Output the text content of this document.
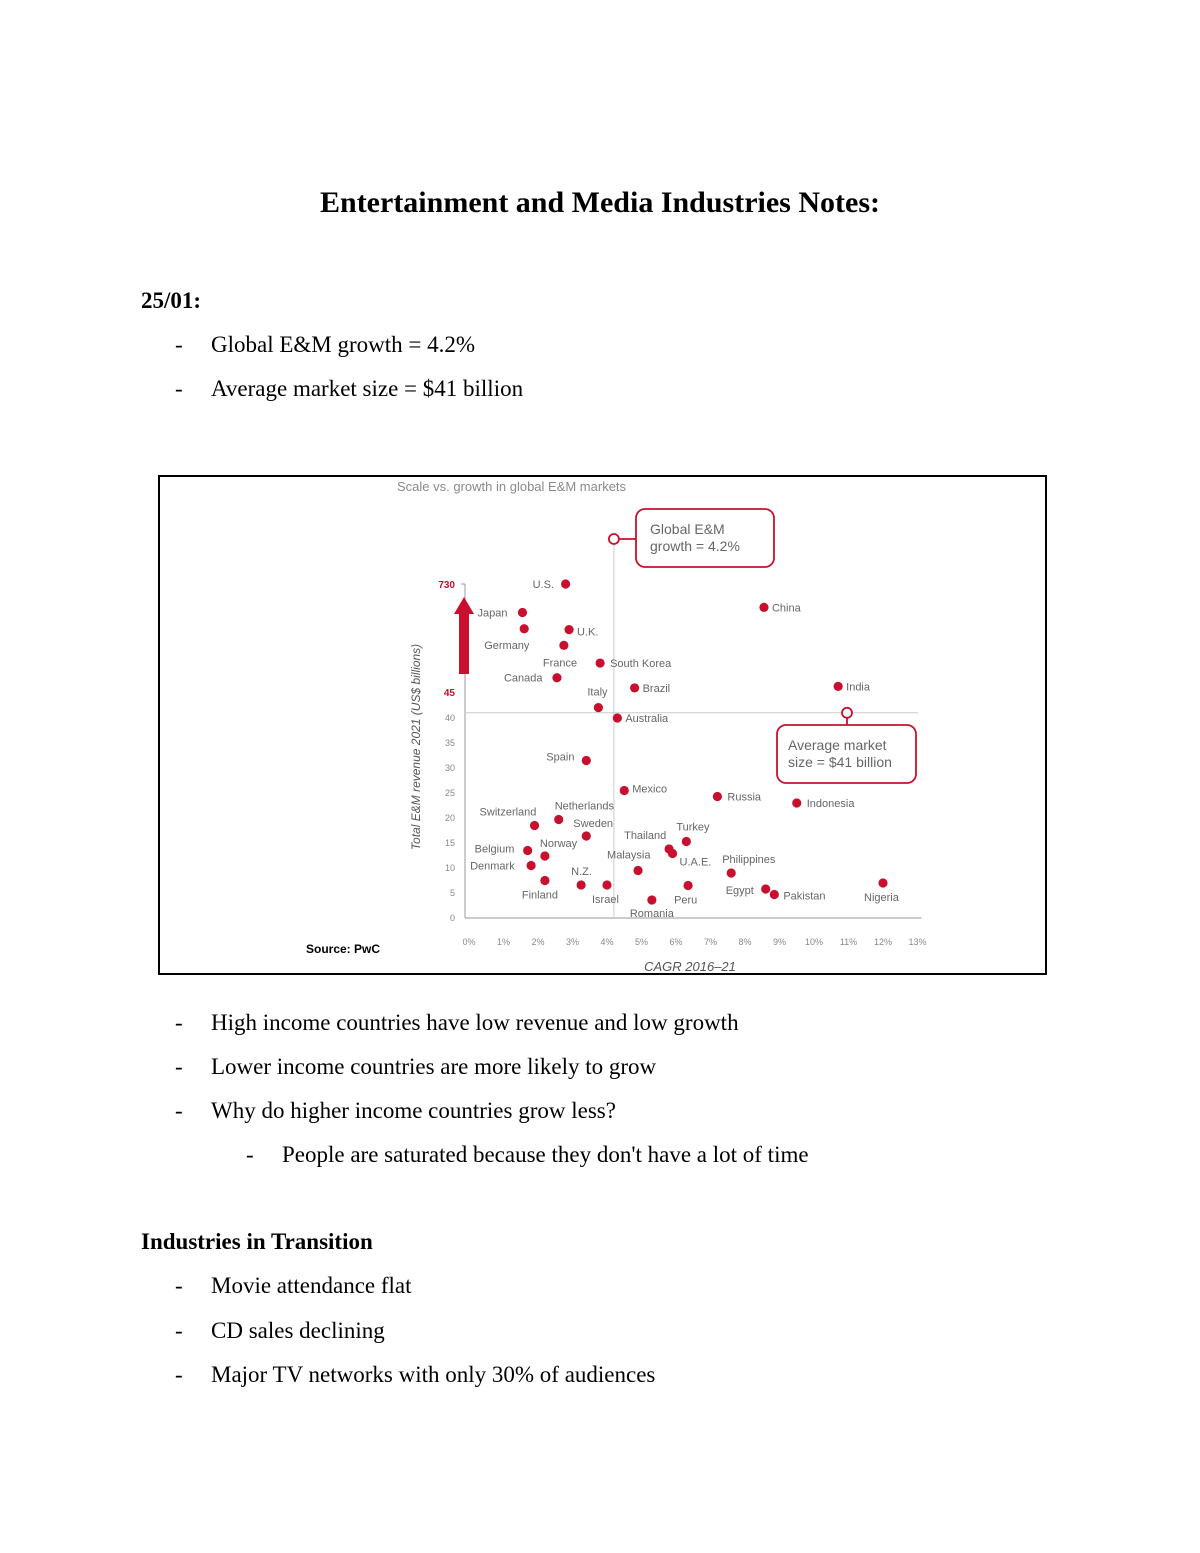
Entertainment and Media Industries Notes:
25/01:
- Global E&M growth = 4.2%
- Average market size = $41 billion
Scale vs. growth in global E&M markets
Source: PwC
CAGR 2016–21
Total E&M revenue 2021 (US$ billions)
0% 1% 2% 3% 4% 5% 6% 7% 8% 9% 10% 11% 12% 13%
0
5
10
15
20
25
30
35
40
45
730
Global E&M
growth = 4.2%
Average market
size = $41 billion
U.S.
Japan
Germany
U.K.
France
Canada
South Korea
Brazil
China
India
Italy
Australia
Spain
Mexico
Russia
Indonesia
Netherlands
Switzerland
Sweden	Turkey
Thailand
Belgium
U.A.E.
Norway
Denmark
Malaysia	Philippines
Nigeria
Finland
N.Z.
Israel	Peru
Egypt	Pakistan
Romania
- High income countries have low revenue and low growth
- Lower income countries are more likely to grow
- Why do higher income countries grow less?
- People are saturated because they don't have a lot of time
Industries in Transition
- Movie attendance flat
- CD sales declining
- Major TV networks with only 30% of audiences
